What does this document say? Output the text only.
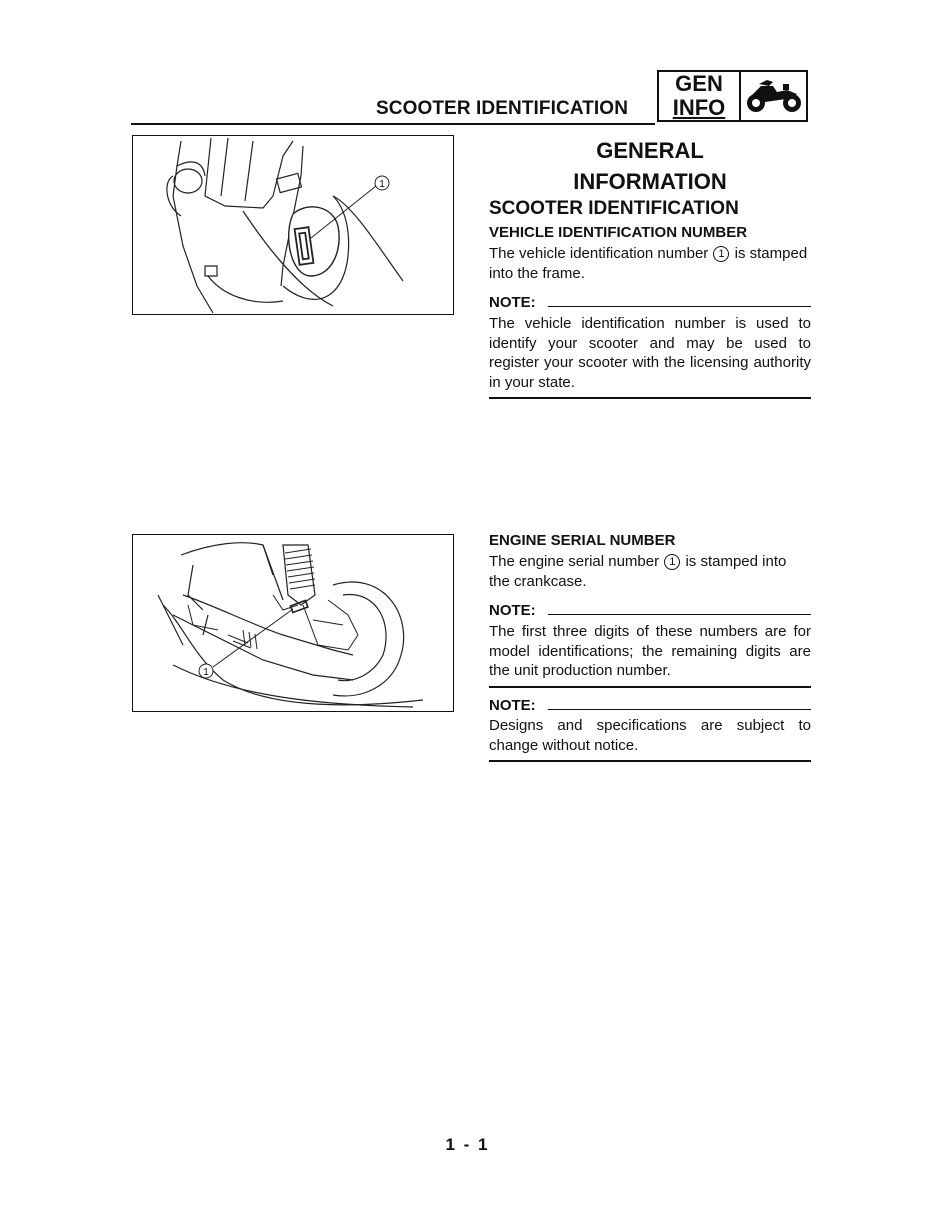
SCOOTER IDENTIFICATION
GEN
INFO
1
1
GENERAL
INFORMATION
SCOOTER IDENTIFICATION
VEHICLE IDENTIFICATION NUMBER
The vehicle identification number 1 is stamped into the frame.
NOTE:
The vehicle identification number is used to identify your scooter and may be used to register your scooter with the licensing authority in your state.
ENGINE SERIAL NUMBER
The engine serial number 1 is stamped into the crankcase.
NOTE:
The first three digits of these numbers are for model identifications; the remaining digits are the unit production number.
NOTE:
Designs and specifications are subject to change without notice.
1 - 1
